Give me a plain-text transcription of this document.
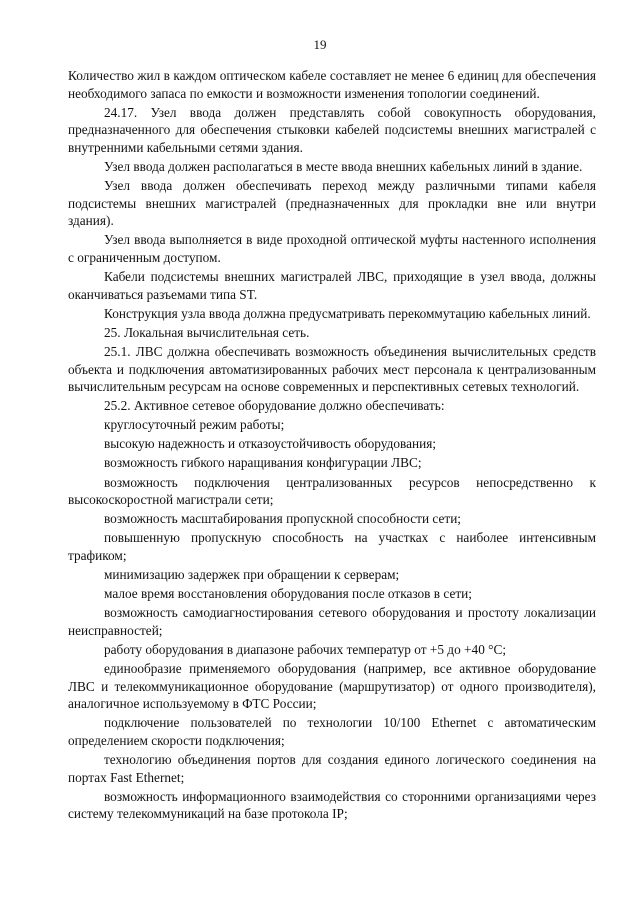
19

Количество жил в каждом оптическом кабеле составляет не менее 6 единиц для обеспечения необходимого запаса по емкости и возможности изменения топологии соединений.

24.17. Узел ввода должен представлять собой совокупность оборудования, предназначенного для обеспечения стыковки кабелей подсистемы внешних магистралей с внутренними кабельными сетями здания.

Узел ввода должен располагаться в месте ввода внешних кабельных линий в здание.

Узел ввода должен обеспечивать переход между различными типами кабеля подсистемы внешних магистралей (предназначенных для прокладки вне или внутри здания).

Узел ввода выполняется в виде проходной оптической муфты настенного исполнения с ограниченным доступом.

Кабели подсистемы внешних магистралей ЛВС, приходящие в узел ввода, должны оканчиваться разъемами типа ST.

Конструкция узла ввода должна предусматривать перекоммутацию кабельных линий.

25. Локальная вычислительная сеть.

25.1. ЛВС должна обеспечивать возможность объединения вычислительных средств объекта и подключения автоматизированных рабочих мест персонала к централизованным вычислительным ресурсам на основе современных и перспективных сетевых технологий.

25.2. Активное сетевое оборудование должно обеспечивать:

круглосуточный режим работы;

высокую надежность и отказоустойчивость оборудования;

возможность гибкого наращивания конфигурации ЛВС;

возможность подключения централизованных ресурсов непосредственно к высокоскоростной магистрали сети;

возможность масштабирования пропускной способности сети;

повышенную пропускную способность на участках с наиболее интенсивным трафиком;

минимизацию задержек при обращении к серверам;

малое время восстановления оборудования после отказов в сети;

возможность самодиагностирования сетевого оборудования и простоту локализации неисправностей;

работу оборудования в диапазоне рабочих температур от +5 до +40 °С;

единообразие применяемого оборудования (например, все активное оборудование ЛВС и телекоммуникационное оборудование (маршрутизатор) от одного производителя), аналогичное используемому в ФТС России;

подключение пользователей по технологии 10/100 Ethernet с автоматическим определением скорости подключения;

технологию объединения портов для создания единого логического соединения на портах Fast Ethernet;

возможность информационного взаимодействия со сторонними организациями через систему телекоммуникаций на базе протокола IP;
